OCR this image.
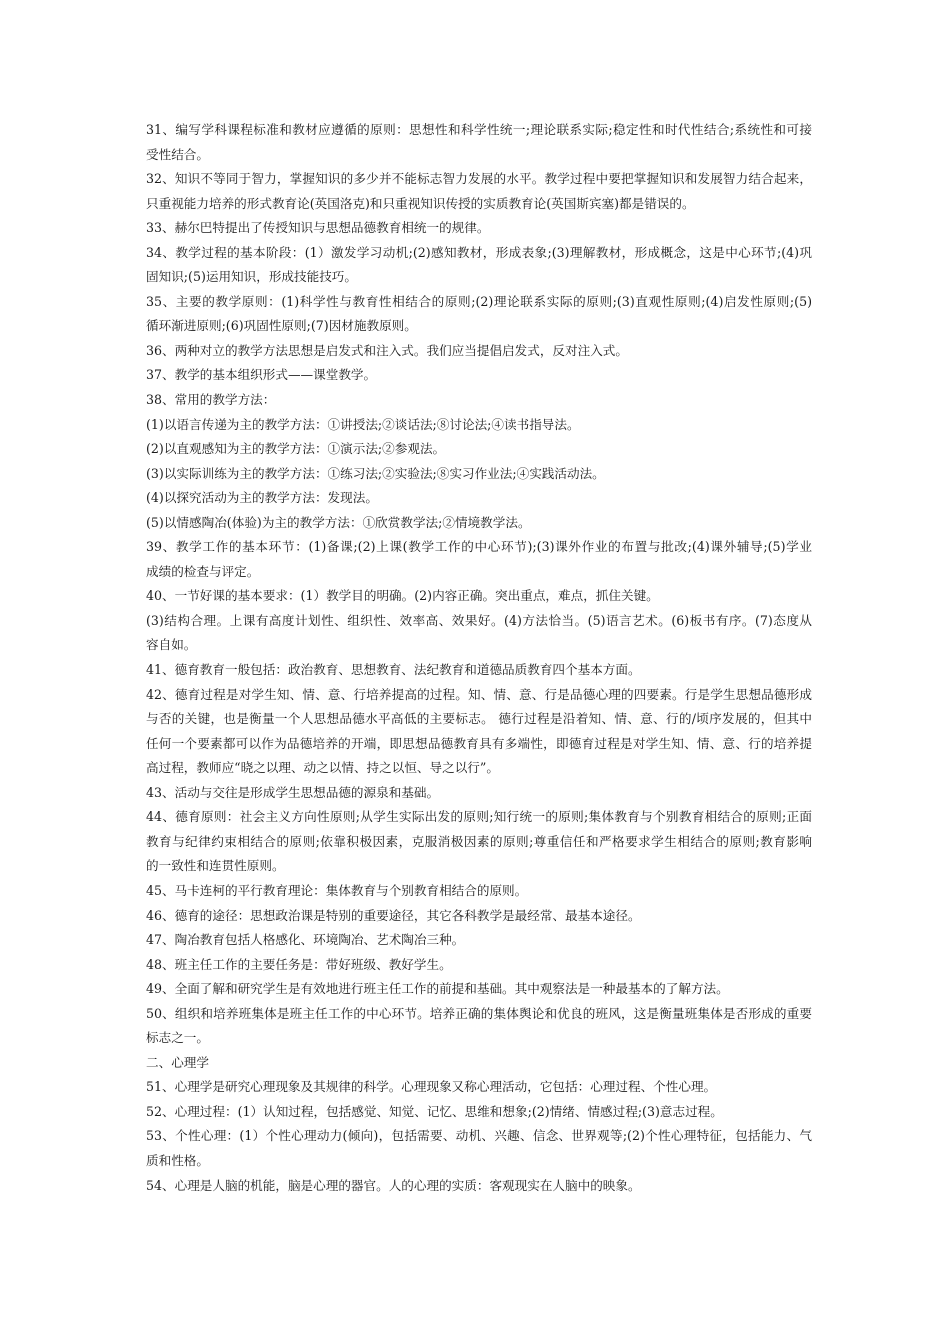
31、编写学科课程标准和教材应遵循的原则：思想性和科学性统一;理论联系实际;稳定性和时代性结合;系统性和可接
受性结合。
32、知识不等同于智力，掌握知识的多少并不能标志智力发展的水平。教学过程中要把掌握知识和发展智力结合起来，
只重视能力培养的形式教育论(英国洛克)和只重视知识传授的实质教育论(英国斯宾塞)都是错误的。
33、赫尔巴特提出了传授知识与思想品德教育相统一的规律。
34、教学过程的基本阶段：(1）激发学习动机;(2)感知教材，形成表象;(3)理解教材，形成概念，这是中心环节;(4)巩
固知识;(5)运用知识，形成技能技巧。
35、主要的教学原则：(1)科学性与教育性相结合的原则;(2)理论联系实际的原则;(3)直观性原则;(4)启发性原则;(5)
循环渐进原则;(6)巩固性原则;(7)因材施教原则。
36、两种对立的教学方法思想是启发式和注入式。我们应当提倡启发式，反对注入式。
37、教学的基本组织形式——课堂教学。
38、常用的教学方法：
(1)以语言传递为主的教学方法：①讲授法;②谈话法;⑧讨论法;④读书指导法。
(2)以直观感知为主的教学方法：①演示法;②参观法。
(3)以实际训练为主的教学方法：①练习法;②实验法;⑧实习作业法;④实践活动法。
(4)以探究活动为主的教学方法：发现法。
(5)以情感陶冶(体验)为主的教学方法：①欣赏教学法;②情境教学法。
39、教学工作的基本环节：(1)备课;(2)上课(教学工作的中心环节);(3)课外作业的布置与批改;(4)课外辅导;(5)学业
成绩的检查与评定。
40、一节好课的基本要求：(1）教学目的明确。(2)内容正确。突出重点，难点，抓住关键。
(3)结构合理。上课有高度计划性、组织性、效率高、效果好。(4)方法恰当。(5)语言艺术。(6)板书有序。(7)态度从
容自如。
41、德育教育一般包括：政治教育、思想教育、法纪教育和道德品质教育四个基本方面。
42、德育过程是对学生知、情、意、行培养提高的过程。知、情、意、行是品德心理的四要素。行是学生思想品德形成
与否的关键，也是衡量一个人思想品德水平高低的主要标志。 德行过程是沿着知、情、意、行的/顷序发展的，但其中
任何一个要素都可以作为品德培养的开端，即思想品德教育具有多端性，即德育过程是对学生知、情、意、行的培养提
高过程，教师应“晓之以理、动之以情、持之以恒、导之以行”。
43、活动与交往是形成学生思想品德的源泉和基础。
44、德育原则：社会主义方向性原则;从学生实际出发的原则;知行统一的原则;集体教育与个别教育相结合的原则;正面
教育与纪律约束相结合的原则;依靠积极因素，克服消极因素的原则;尊重信任和严格要求学生相结合的原则;教育影响
的一致性和连贯性原则。
45、马卡连柯的平行教育理论：集体教育与个别教育相结合的原则。
46、德育的途径：思想政治课是特别的重要途径，其它各科教学是最经常、最基本途径。
47、陶冶教育包括人格感化、环境陶冶、艺术陶冶三种。
48、班主任工作的主要任务是：带好班级、教好学生。
49、全面了解和研究学生是有效地进行班主任工作的前提和基础。其中观察法是一种最基本的了解方法。
50、组织和培养班集体是班主任工作的中心环节。培养正确的集体舆论和优良的班风，这是衡量班集体是否形成的重要
标志之一。
二、心理学
51、心理学是研究心理现象及其规律的科学。心理现象又称心理活动，它包括：心理过程、个性心理。
52、心理过程：(1）认知过程，包括感觉、知觉、记忆、思维和想象;(2)情绪、情感过程;(3)意志过程。
53、个性心理：(1）个性心理动力(倾向)，包括需要、动机、兴趣、信念、世界观等;(2)个性心理特征，包括能力、气
质和性格。
54、心理是人脑的机能，脑是心理的器官。人的心理的实质：客观现实在人脑中的映象。
